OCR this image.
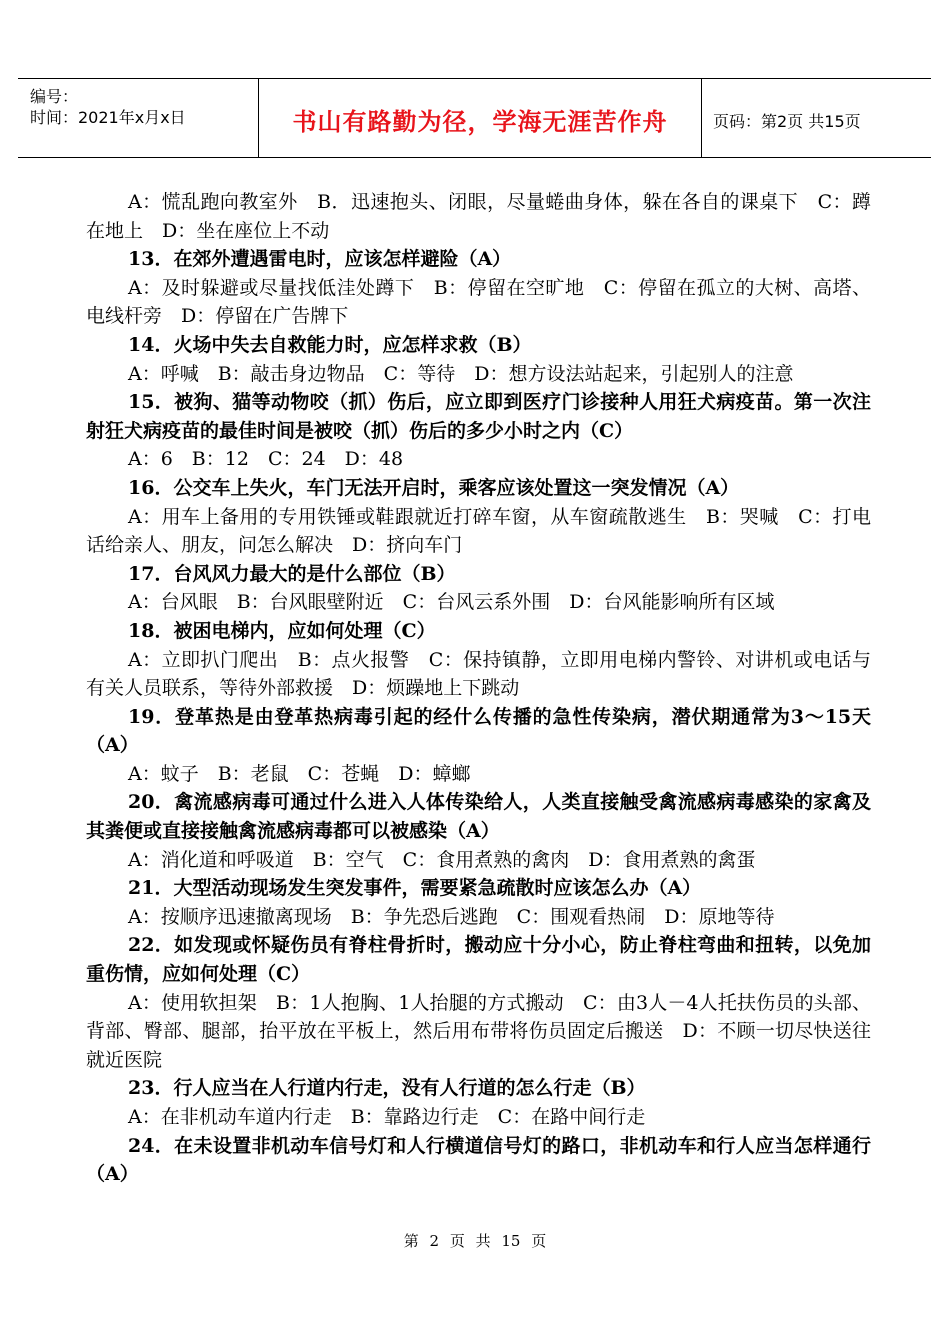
编号：
时间：2021年x月x日	书山有路勤为径，学海无涯苦作舟	页码：第2页 共15页

A：慌乱跑向教室外　B．迅速抱头、闭眼，尽量蜷曲身体，躲在各自的课桌下　C：蹲在地上　D：坐在座位上不动

13．在郊外遭遇雷电时，应该怎样避险（A）

A：及时躲避或尽量找低洼处蹲下　B：停留在空旷地　C：停留在孤立的大树、高塔、电线杆旁　D：停留在广告牌下

14．火场中失去自救能力时，应怎样求救（B）

A：呼喊　B：敲击身边物品　C：等待　D：想方设法站起来，引起别人的注意

15．被狗、猫等动物咬（抓）伤后，应立即到医疗门诊接种人用狂犬病疫苗。第一次注射狂犬病疫苗的最佳时间是被咬（抓）伤后的多少小时之内（C）

A：6　B：12　C：24　D：48

16．公交车上失火，车门无法开启时，乘客应该处置这一突发情况（A）

A：用车上备用的专用铁锤或鞋跟就近打碎车窗，从车窗疏散逃生　B：哭喊　C：打电话给亲人、朋友，问怎么解决　D：挤向车门

17．台风风力最大的是什么部位（B）

A：台风眼　B：台风眼壁附近　C：台风云系外围　D：台风能影响所有区域

18．被困电梯内，应如何处理（C）

A：立即扒门爬出　B：点火报警　C：保持镇静，立即用电梯内警铃、对讲机或电话与有关人员联系，等待外部救援　D：烦躁地上下跳动

19．登革热是由登革热病毒引起的经什么传播的急性传染病，潜伏期通常为3～15天（A）

A：蚊子　B：老鼠　C：苍蝇　D：蟑螂

20．禽流感病毒可通过什么进入人体传染给人，人类直接触受禽流感病毒感染的家禽及其粪便或直接接触禽流感病毒都可以被感染（A）

A：消化道和呼吸道　B：空气　C：食用煮熟的禽肉　D：食用煮熟的禽蛋

21．大型活动现场发生突发事件，需要紧急疏散时应该怎么办（A）

A：按顺序迅速撤离现场　B：争先恐后逃跑　C：围观看热闹　D：原地等待

22．如发现或怀疑伤员有脊柱骨折时，搬动应十分小心，防止脊柱弯曲和扭转，以免加重伤情，应如何处理（C）

A：使用软担架　B：1人抱胸、1人抬腿的方式搬动　C：由3人－4人托扶伤员的头部、背部、臀部、腿部，抬平放在平板上，然后用布带将伤员固定后搬送　D：不顾一切尽快送往就近医院

23．行人应当在人行道内行走，没有人行道的怎么行走（B）

A：在非机动车道内行走　B：靠路边行走　C：在路中间行走

24．在未设置非机动车信号灯和人行横道信号灯的路口，非机动车和行人应当怎样通行（A）

第 2 页 共 15 页
